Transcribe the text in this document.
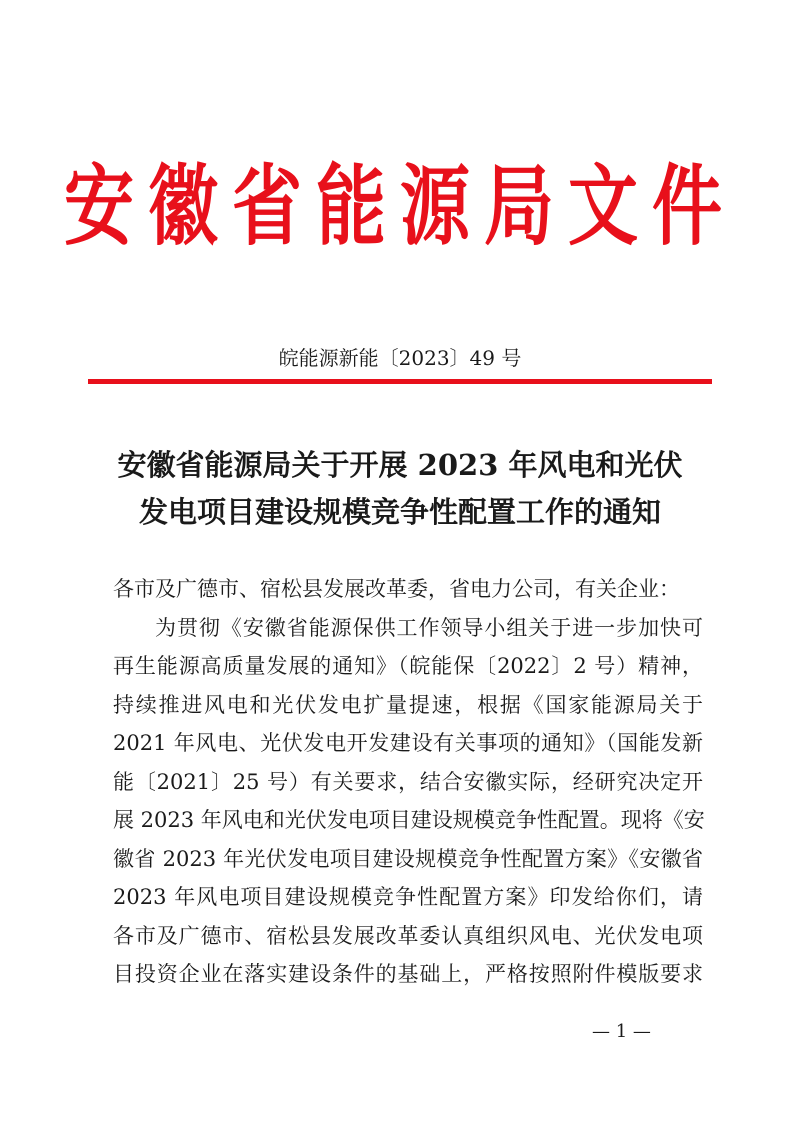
安徽省能源局文件
皖能源新能〔2023〕49 号
安徽省能源局关于开展 2023 年风电和光伏
发电项目建设规模竞争性配置工作的通知
各市及广德市、宿松县发展改革委，省电力公司，有关企业：
为贯彻《安徽省能源保供工作领导小组关于进一步加快可
再生能源高质量发展的通知》（皖能保〔2022〕2 号）精神，
持续推进风电和光伏发电扩量提速，根据《国家能源局关于
2021 年风电、光伏发电开发建设有关事项的通知》（国能发新
能〔2021〕25 号）有关要求，结合安徽实际，经研究决定开
展 2023 年风电和光伏发电项目建设规模竞争性配置。现将《安
徽省 2023 年光伏发电项目建设规模竞争性配置方案》《安徽省
2023 年风电项目建设规模竞争性配置方案》印发给你们，请
各市及广德市、宿松县发展改革委认真组织风电、光伏发电项
目投资企业在落实建设条件的基础上，严格按照附件模版要求
— 1 —
